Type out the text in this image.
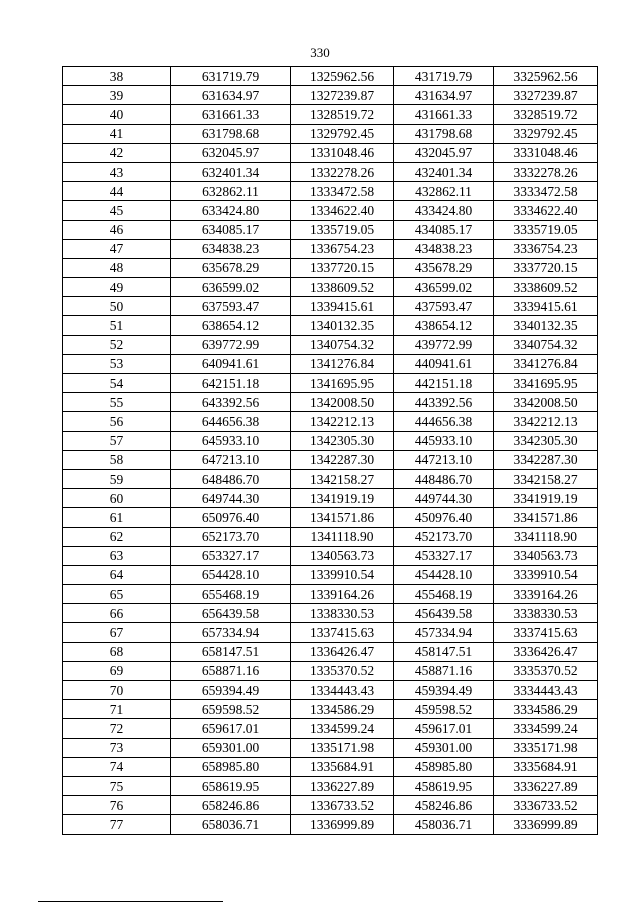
330
38	631719.79	1325962.56	431719.79	3325962.56
39	631634.97	1327239.87	431634.97	3327239.87
40	631661.33	1328519.72	431661.33	3328519.72
41	631798.68	1329792.45	431798.68	3329792.45
42	632045.97	1331048.46	432045.97	3331048.46
43	632401.34	1332278.26	432401.34	3332278.26
44	632862.11	1333472.58	432862.11	3333472.58
45	633424.80	1334622.40	433424.80	3334622.40
46	634085.17	1335719.05	434085.17	3335719.05
47	634838.23	1336754.23	434838.23	3336754.23
48	635678.29	1337720.15	435678.29	3337720.15
49	636599.02	1338609.52	436599.02	3338609.52
50	637593.47	1339415.61	437593.47	3339415.61
51	638654.12	1340132.35	438654.12	3340132.35
52	639772.99	1340754.32	439772.99	3340754.32
53	640941.61	1341276.84	440941.61	3341276.84
54	642151.18	1341695.95	442151.18	3341695.95
55	643392.56	1342008.50	443392.56	3342008.50
56	644656.38	1342212.13	444656.38	3342212.13
57	645933.10	1342305.30	445933.10	3342305.30
58	647213.10	1342287.30	447213.10	3342287.30
59	648486.70	1342158.27	448486.70	3342158.27
60	649744.30	1341919.19	449744.30	3341919.19
61	650976.40	1341571.86	450976.40	3341571.86
62	652173.70	1341118.90	452173.70	3341118.90
63	653327.17	1340563.73	453327.17	3340563.73
64	654428.10	1339910.54	454428.10	3339910.54
65	655468.19	1339164.26	455468.19	3339164.26
66	656439.58	1338330.53	456439.58	3338330.53
67	657334.94	1337415.63	457334.94	3337415.63
68	658147.51	1336426.47	458147.51	3336426.47
69	658871.16	1335370.52	458871.16	3335370.52
70	659394.49	1334443.43	459394.49	3334443.43
71	659598.52	1334586.29	459598.52	3334586.29
72	659617.01	1334599.24	459617.01	3334599.24
73	659301.00	1335171.98	459301.00	3335171.98
74	658985.80	1335684.91	458985.80	3335684.91
75	658619.95	1336227.89	458619.95	3336227.89
76	658246.86	1336733.52	458246.86	3336733.52
77	658036.71	1336999.89	458036.71	3336999.89
